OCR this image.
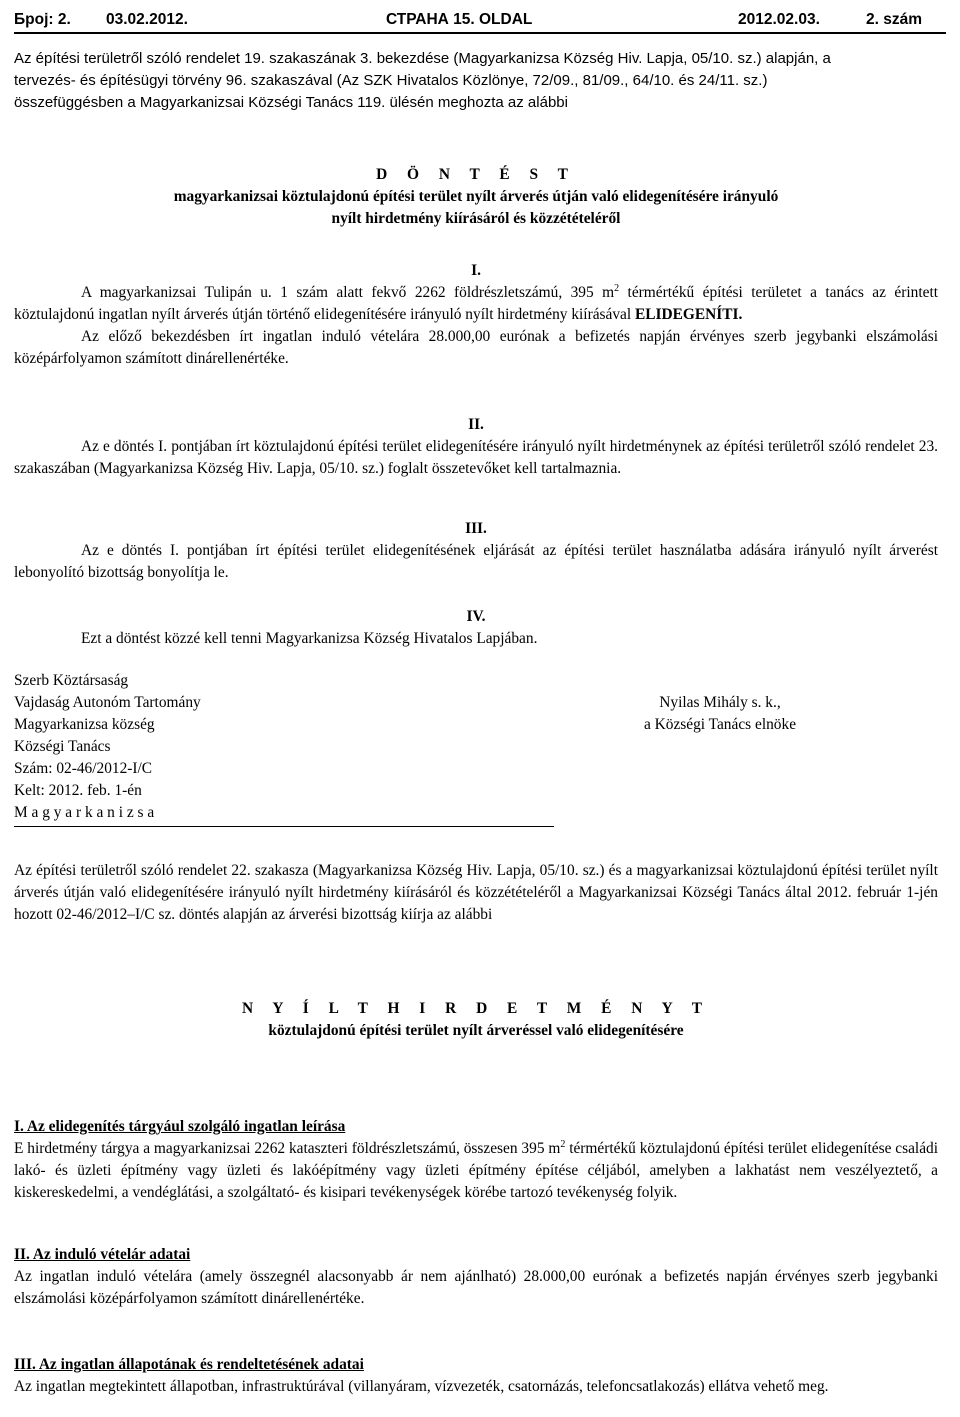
Број: 2. 03.02.2012.	СТРАНА 15. OLDAL	2012.02.03.	2. szám
Az építési területről szóló rendelet 19. szakaszának 3. bekezdése (Magyarkanizsa Község Hiv. Lapja, 05/10. sz.) alapján, a
tervezés- és építésügyi törvény 96. szakaszával (Az SZK Hivatalos Közlönye, 72/09., 81/09., 64/10. és 24/11. sz.)
összefüggésben a Magyarkanizsai Községi Tanács 119. ülésén meghozta az alábbi
D Ö N T É S T
magyarkanizsai köztulajdonú építési terület nyílt árverés útján való elidegenítésére irányuló
nyílt hirdetmény kiírásáról és közzétételéről

I.

A magyarkanizsai Tulipán u. 1 szám alatt fekvő 2262 földrészletszámú, 395 $m^2$ térmértékű építési területet a tanács az érintett köztulajdonú ingatlan nyílt árverés útján történő elidegenítésére irányuló nyílt hirdetmény kiírásával ELIDEGENÍTI.

Az előző bekezdésben írt ingatlan induló vételára 28.000,00 eurónak a befizetés napján érvényes szerb jegybanki elszámolási középárfolyamon számított dinárellenértéke.

II.

Az e döntés I. pontjában írt köztulajdonú építési terület elidegenítésére irányuló nyílt hirdetménynek az építési területről szóló rendelet 23. szakaszában (Magyarkanizsa Község Hiv. Lapja, 05/10. sz.) foglalt összetevőket kell tartalmaznia.

III.

Az e döntés I. pontjában írt építési terület elidegenítésének eljárását az építési terület használatba adására irányuló nyílt árverést lebonyolító bizottság bonyolítja le.

IV.

Ezt a döntést közzé kell tenni Magyarkanizsa Község Hivatalos Lapjában.

Szerb Köztársaság
Vajdaság Autonóm Tartomány
Magyarkanizsa község
Községi Tanács
Szám: 02-46/2012-I/C
Kelt: 2012. feb. 1-én
M a g y a r k a n i z s a
Nyilas Mihály s. k.,
a Községi Tanács elnöke
Az építési területről szóló rendelet 22. szakasza (Magyarkanizsa Község Hiv. Lapja, 05/10. sz.) és a magyarkanizsai köztulajdonú építési terület nyílt árverés útján való elidegenítésére irányuló nyílt hirdetmény kiírásáról és közzétételéről a Magyarkanizsai Községi Tanács által 2012. február 1-jén hozott 02-46/2012–I/C sz. döntés alapján az árverési bizottság kiírja az alábbi
N Y Í L T H I R D E T M É N Y T
köztulajdonú építési terület nyílt árveréssel való elidegenítésére
I. Az elidegenítés tárgyául szolgáló ingatlan leírása

E hirdetmény tárgya a magyarkanizsai 2262 kataszteri földrészletszámú, összesen 395 $m^2$ térmértékű köztulajdonú építési terület elidegenítése családi lakó- és üzleti építmény vagy üzleti és lakóépítmény vagy üzleti építmény építése céljából, amelyben a lakhatást nem veszélyeztető, a kiskereskedelmi, a vendéglátási, a szolgáltató- és kisipari tevékenységek körébe tartozó tevékenység folyik.

II. Az induló vételár adatai

Az ingatlan induló vételára (amely összegnél alacsonyabb ár nem ajánlható) 28.000,00 eurónak a befizetés napján érvényes szerb jegybanki elszámolási középárfolyamon számított dinárellenértéke.

III. Az ingatlan állapotának és rendeltetésének adatai

Az ingatlan megtekintett állapotban, infrastruktúrával (villanyáram, vízvezeték, csatornázás, telefoncsatlakozás) ellátva vehető meg.
